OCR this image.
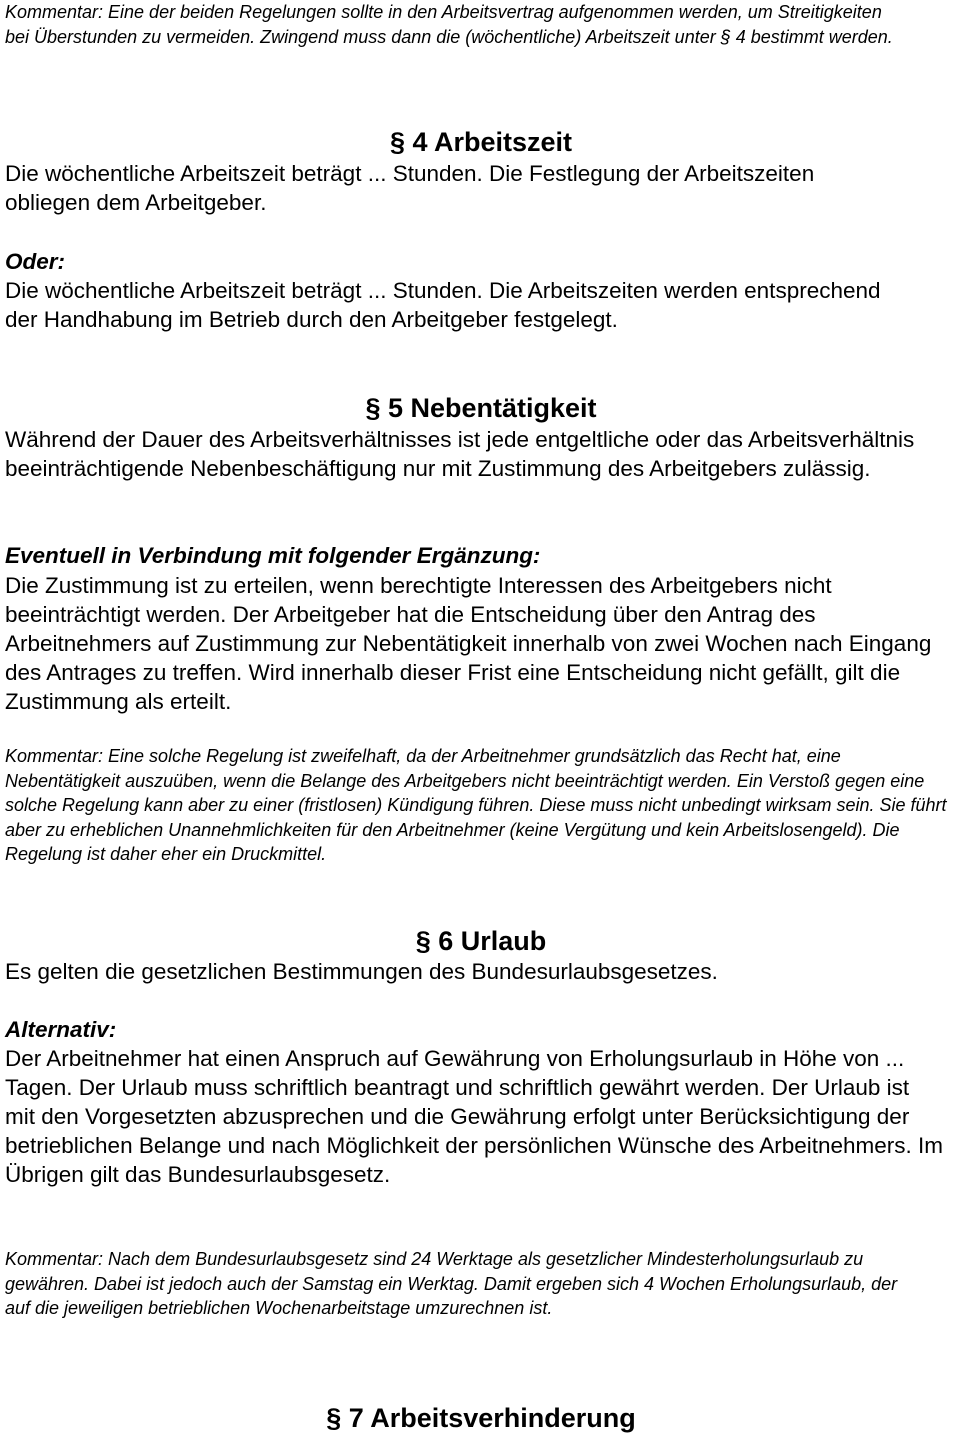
Kommentar: Eine der beiden Regelungen sollte in den Arbeitsvertrag aufgenommen werden, um Streitigkeiten bei Überstunden zu vermeiden. Zwingend muss dann die (wöchentliche) Arbeitszeit unter § 4 bestimmt werden.

§ 4 Arbeitszeit

Die wöchentliche Arbeitszeit beträgt ... Stunden. Die Festlegung der Arbeitszeiten obliegen dem Arbeitgeber.

Oder:

Die wöchentliche Arbeitszeit beträgt ... Stunden. Die Arbeitszeiten werden entsprechend der Handhabung im Betrieb durch den Arbeitgeber festgelegt.

§ 5 Nebentätigkeit

Während der Dauer des Arbeitsverhältnisses ist jede entgeltliche oder das Arbeitsverhältnis beeinträchtigende Nebenbeschäftigung nur mit Zustimmung des Arbeitgebers zulässig.

Eventuell in Verbindung mit folgender Ergänzung:

Die Zustimmung ist zu erteilen, wenn berechtigte Interessen des Arbeitgebers nicht beeinträchtigt werden. Der Arbeitgeber hat die Entscheidung über den Antrag des Arbeitnehmers auf Zustimmung zur Nebentätigkeit innerhalb von zwei Wochen nach Eingang des Antrages zu treffen. Wird innerhalb dieser Frist eine Entscheidung nicht gefällt, gilt die Zustimmung als erteilt.

Kommentar: Eine solche Regelung ist zweifelhaft, da der Arbeitnehmer grundsätzlich das Recht hat, eine Nebentätigkeit auszuüben, wenn die Belange des Arbeitgebers nicht beeinträchtigt werden. Ein Verstoß gegen eine solche Regelung kann aber zu einer (fristlosen) Kündigung führen. Diese muss nicht unbedingt wirksam sein. Sie führt aber zu erheblichen Unannehmlichkeiten für den Arbeitnehmer (keine Vergütung und kein Arbeitslosengeld). Die Regelung ist daher eher ein Druckmittel.

§ 6 Urlaub

Es gelten die gesetzlichen Bestimmungen des Bundesurlaubsgesetzes.

Alternativ:

Der Arbeitnehmer hat einen Anspruch auf Gewährung von Erholungsurlaub in Höhe von ... Tagen. Der Urlaub muss schriftlich beantragt und schriftlich gewährt werden. Der Urlaub ist mit den Vorgesetzten abzusprechen und die Gewährung erfolgt unter Berücksichtigung der betrieblichen Belange und nach Möglichkeit der persönlichen Wünsche des Arbeitnehmers. Im Übrigen gilt das Bundesurlaubsgesetz.

Kommentar: Nach dem Bundesurlaubsgesetz sind 24 Werktage als gesetzlicher Mindesterholungsurlaub zu gewähren. Dabei ist jedoch auch der Samstag ein Werktag. Damit ergeben sich 4 Wochen Erholungsurlaub, der auf die jeweiligen betrieblichen Wochenarbeitstage umzurechnen ist.

§ 7 Arbeitsverhinderung
